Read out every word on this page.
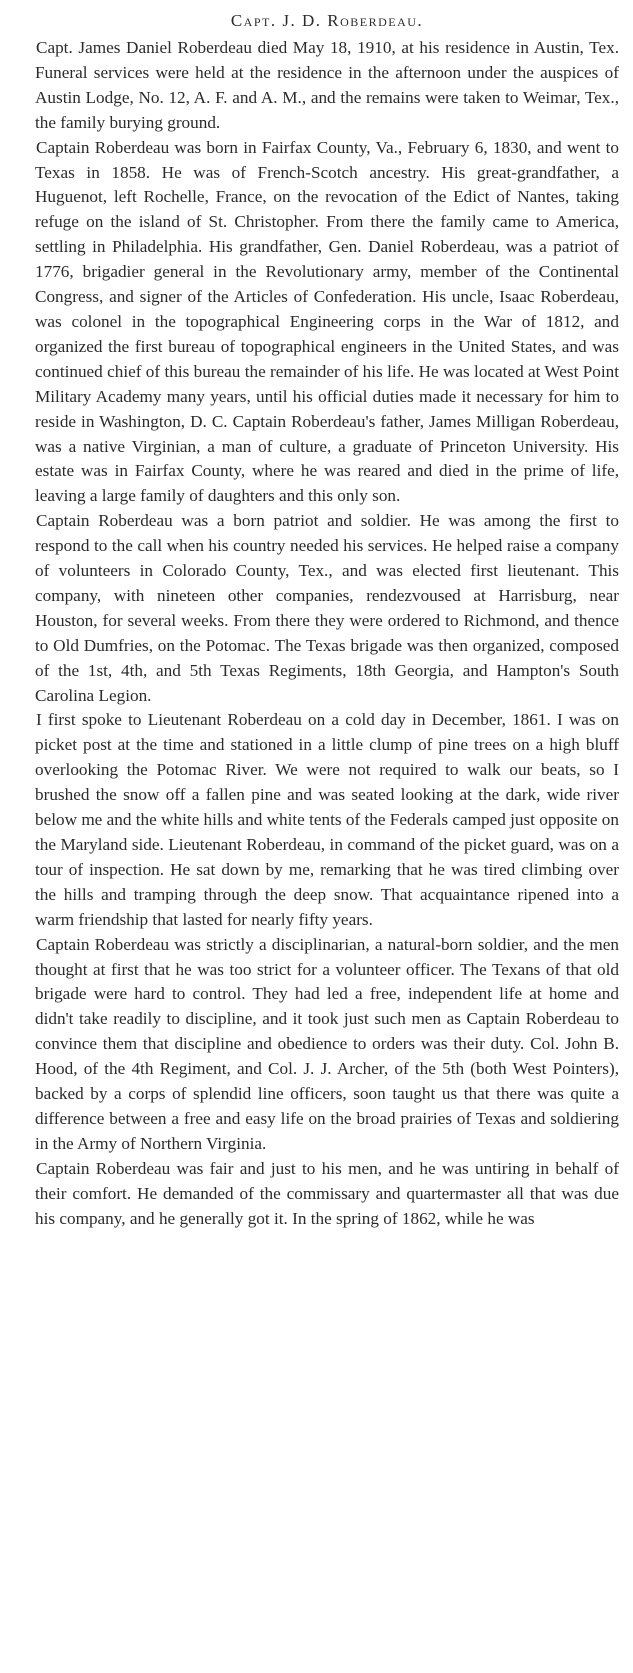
Capt. J. D. Roberdeau.

Capt. James Daniel Roberdeau died May 18, 1910, at his residence in Austin, Tex. Funeral services were held at the residence in the afternoon under the auspices of Austin Lodge, No. 12, A. F. and A. M., and the remains were taken to Weimar, Tex., the family burying ground.

Captain Roberdeau was born in Fairfax County, Va., February 6, 1830, and went to Texas in 1858. He was of French-Scotch ancestry. His great-grandfather, a Huguenot, left Rochelle, France, on the revocation of the Edict of Nantes, taking refuge on the island of St. Christopher. From there the family came to America, settling in Philadelphia. His grandfather, Gen. Daniel Roberdeau, was a patriot of 1776, brigadier general in the Revolutionary army, member of the Continental Congress, and signer of the Articles of Confederation. His uncle, Isaac Roberdeau, was colonel in the topographical Engineering corps in the War of 1812, and organized the first bureau of topographical engineers in the United States, and was continued chief of this bureau the remainder of his life. He was located at West Point Military Academy many years, until his official duties made it necessary for him to reside in Washington, D. C. Captain Roberdeau's father, James Milligan Roberdeau, was a native Virginian, a man of culture, a graduate of Princeton University. His estate was in Fairfax County, where he was reared and died in the prime of life, leaving a large family of daughters and this only son.

Captain Roberdeau was a born patriot and soldier. He was among the first to respond to the call when his country needed his services. He helped raise a company of volunteers in Colorado County, Tex., and was elected first lieutenant. This company, with nineteen other companies, rendezvoused at Harrisburg, near Houston, for several weeks. From there they were ordered to Richmond, and thence to Old Dumfries, on the Potomac. The Texas brigade was then organized, composed of the 1st, 4th, and 5th Texas Regiments, 18th Georgia, and Hampton's South Carolina Legion.

I first spoke to Lieutenant Roberdeau on a cold day in December, 1861. I was on picket post at the time and stationed in a little clump of pine trees on a high bluff overlooking the Potomac River. We were not required to walk our beats, so I brushed the snow off a fallen pine and was seated looking at the dark, wide river below me and the white hills and white tents of the Federals camped just opposite on the Maryland side. Lieutenant Roberdeau, in command of the picket guard, was on a tour of inspection. He sat down by me, remarking that he was tired climbing over the hills and tramping through the deep snow. That acquaintance ripened into a warm friendship that lasted for nearly fifty years.

Captain Roberdeau was strictly a disciplinarian, a natural-born soldier, and the men thought at first that he was too strict for a volunteer officer. The Texans of that old brigade were hard to control. They had led a free, independent life at home and didn't take readily to discipline, and it took just such men as Captain Roberdeau to convince them that discipline and obedience to orders was their duty. Col. John B. Hood, of the 4th Regiment, and Col. J. J. Archer, of the 5th (both West Pointers), backed by a corps of splendid line officers, soon taught us that there was quite a difference between a free and easy life on the broad prairies of Texas and soldiering in the Army of Northern Virginia.

Captain Roberdeau was fair and just to his men, and he was untiring in behalf of their comfort. He demanded of the commissary and quartermaster all that was due his company, and he generally got it. In the spring of 1862, while he was
